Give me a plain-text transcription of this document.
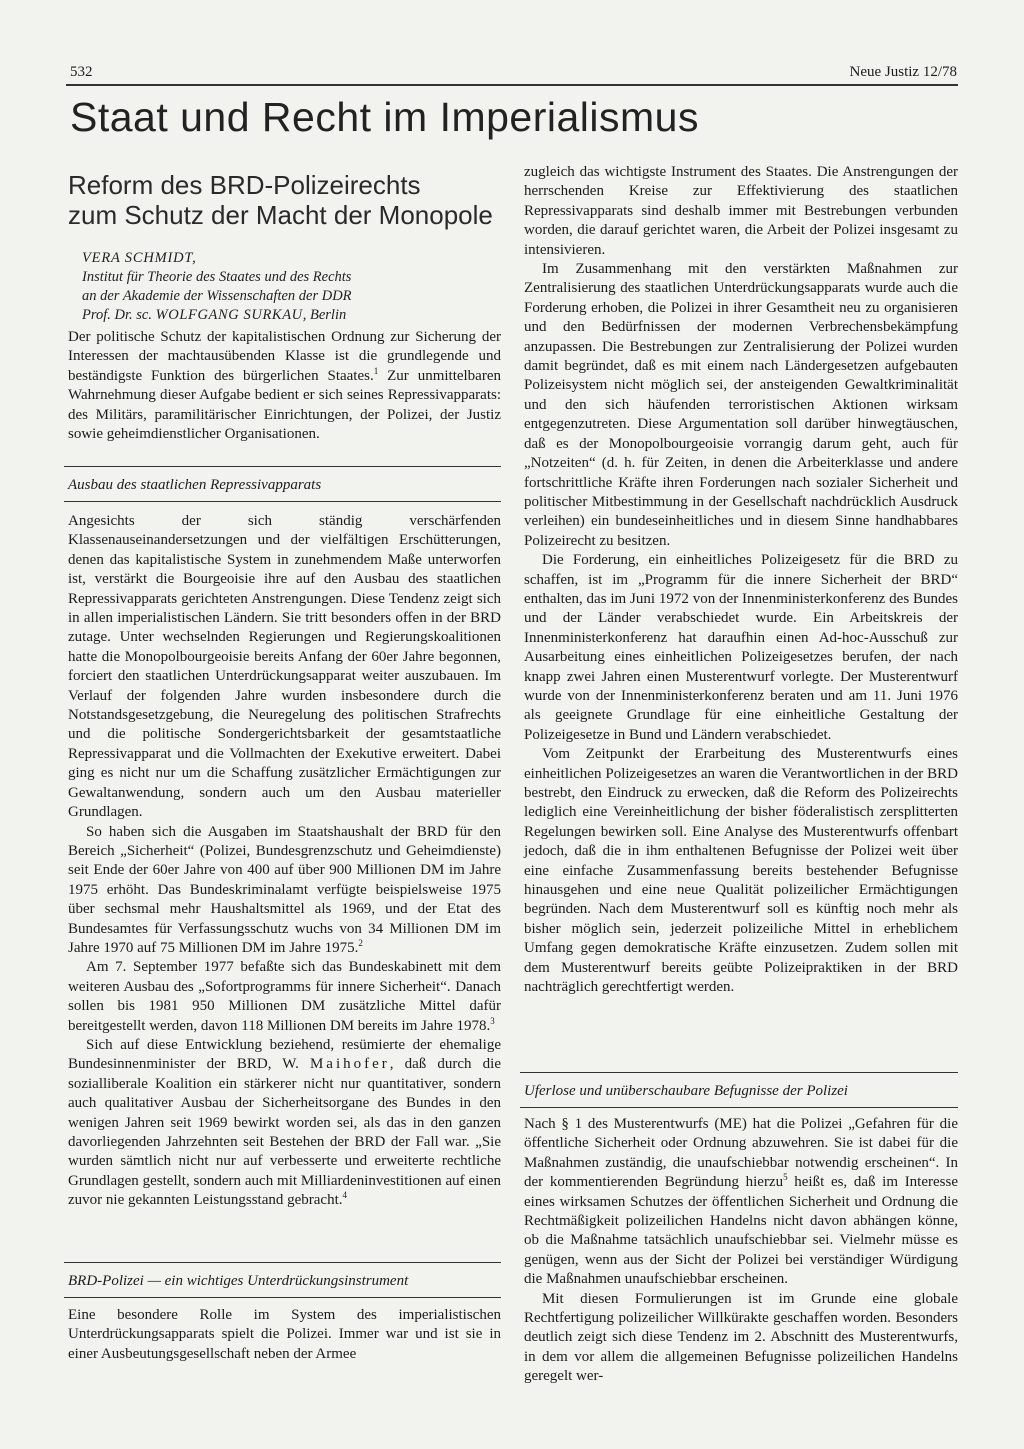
532	Neue Justiz 12/78
Staat und Recht im Imperialismus
Reform des BRD-Polizeirechts
zum Schutz der Macht der Monopole
VERA SCHMIDT,
Institut für Theorie des Staates und des Rechts
an der Akademie der Wissenschaften der DDR
Prof. Dr. sc. WOLFGANG SURKAU, Berlin

Der politische Schutz der kapitalistischen Ordnung zur Sicherung der Interessen der machtausübenden Klasse ist die grundlegende und beständigste Funktion des bürgerlichen Staates.$^1$ Zur unmittelbaren Wahrnehmung dieser Aufgabe bedient er sich seines Repressivapparats: des Militärs, paramilitärischer Einrichtungen, der Polizei, der Justiz sowie geheimdienstlicher Organisationen.

Ausbau des staatlichen Repressivapparats

Angesichts der sich ständig verschärfenden Klassenauseinandersetzungen und der vielfältigen Erschütterungen, denen das kapitalistische System in zunehmendem Maße unterworfen ist, verstärkt die Bourgeoisie ihre auf den Ausbau des staatlichen Repressivapparats gerichteten Anstrengungen. Diese Tendenz zeigt sich in allen imperialistischen Ländern. Sie tritt besonders offen in der BRD zutage. Unter wechselnden Regierungen und Regierungskoalitionen hatte die Monopolbourgeoisie bereits Anfang der 60er Jahre begonnen, forciert den staatlichen Unterdrückungsapparat weiter auszubauen. Im Verlauf der folgenden Jahre wurden insbesondere durch die Notstandsgesetzgebung, die Neuregelung des politischen Strafrechts und die politische Sondergerichtsbarkeit der gesamtstaatliche Repressivapparat und die Vollmachten der Exekutive erweitert. Dabei ging es nicht nur um die Schaffung zusätzlicher Ermächtigungen zur Gewaltanwendung, sondern auch um den Ausbau materieller Grundlagen.

So haben sich die Ausgaben im Staatshaushalt der BRD für den Bereich „Sicherheit“ (Polizei, Bundesgrenzschutz und Geheimdienste) seit Ende der 60er Jahre von 400 auf über 900 Millionen DM im Jahre 1975 erhöht. Das Bundeskriminalamt verfügte beispielsweise 1975 über sechsmal mehr Haushaltsmittel als 1969, und der Etat des Bundesamtes für Verfassungsschutz wuchs von 34 Millionen DM im Jahre 1970 auf 75 Millionen DM im Jahre 1975.$^2$

Am 7. September 1977 befaßte sich das Bundeskabinett mit dem weiteren Ausbau des „Sofortprogramms für innere Sicherheit“. Danach sollen bis 1981 950 Millionen DM zusätzliche Mittel dafür bereitgestellt werden, davon 118 Millionen DM bereits im Jahre 1978.$^3$

Sich auf diese Entwicklung beziehend, resümierte der ehemalige Bundesinnenminister der BRD, W. Maihofer, daß durch die sozialliberale Koalition ein stärkerer nicht nur quantitativer, sondern auch qualitativer Ausbau der Sicherheitsorgane des Bundes in den wenigen Jahren seit 1969 bewirkt worden sei, als das in den ganzen davorliegenden Jahrzehnten seit Bestehen der BRD der Fall war. „Sie wurden sämtlich nicht nur auf verbesserte und erweiterte rechtliche Grundlagen gestellt, sondern auch mit Milliardeninvestitionen auf einen zuvor nie gekannten Leistungsstand gebracht.$^4$

BRD-Polizei — ein wichtiges Unterdrückungsinstrument

Eine besondere Rolle im System des imperialistischen Unterdrückungsapparats spielt die Polizei. Immer war und ist sie in einer Ausbeutungsgesellschaft neben der Armee

zugleich das wichtigste Instrument des Staates. Die Anstrengungen der herrschenden Kreise zur Effektivierung des staatlichen Repressivapparats sind deshalb immer mit Bestrebungen verbunden worden, die darauf gerichtet waren, die Arbeit der Polizei insgesamt zu intensivieren.

Im Zusammenhang mit den verstärkten Maßnahmen zur Zentralisierung des staatlichen Unterdrückungsapparats wurde auch die Forderung erhoben, die Polizei in ihrer Gesamtheit neu zu organisieren und den Bedürfnissen der modernen Verbrechensbekämpfung anzupassen. Die Bestrebungen zur Zentralisierung der Polizei wurden damit begründet, daß es mit einem nach Ländergesetzen aufgebauten Polizeisystem nicht möglich sei, der ansteigenden Gewaltkriminalität und den sich häufenden terroristischen Aktionen wirksam entgegenzutreten. Diese Argumentation soll darüber hinwegtäuschen, daß es der Monopolbourgeoisie vorrangig darum geht, auch für „Notzeiten“ (d. h. für Zeiten, in denen die Arbeiterklasse und andere fortschrittliche Kräfte ihren Forderungen nach sozialer Sicherheit und politischer Mitbestimmung in der Gesellschaft nachdrücklich Ausdruck verleihen) ein bundeseinheitliches und in diesem Sinne handhabbares Polizeirecht zu besitzen.

Die Forderung, ein einheitliches Polizeigesetz für die BRD zu schaffen, ist im „Programm für die innere Sicherheit der BRD“ enthalten, das im Juni 1972 von der Innenministerkonferenz des Bundes und der Länder verabschiedet wurde. Ein Arbeitskreis der Innenministerkonferenz hat daraufhin einen Ad-hoc-Ausschuß zur Ausarbeitung eines einheitlichen Polizeigesetzes berufen, der nach knapp zwei Jahren einen Musterentwurf vorlegte. Der Musterentwurf wurde von der Innenministerkonferenz beraten und am 11. Juni 1976 als geeignete Grundlage für eine einheitliche Gestaltung der Polizeigesetze in Bund und Ländern verabschiedet.

Vom Zeitpunkt der Erarbeitung des Musterentwurfs eines einheitlichen Polizeigesetzes an waren die Verantwortlichen in der BRD bestrebt, den Eindruck zu erwecken, daß die Reform des Polizeirechts lediglich eine Vereinheitlichung der bisher föderalistisch zersplitterten Regelungen bewirken soll. Eine Analyse des Musterentwurfs offenbart jedoch, daß die in ihm enthaltenen Befugnisse der Polizei weit über eine einfache Zusammenfassung bereits bestehender Befugnisse hinausgehen und eine neue Qualität polizeilicher Ermächtigungen begründen. Nach dem Musterentwurf soll es künftig noch mehr als bisher möglich sein, jederzeit polizeiliche Mittel in erheblichem Umfang gegen demokratische Kräfte einzusetzen. Zudem sollen mit dem Musterentwurf bereits geübte Polizeipraktiken in der BRD nachträglich gerechtfertigt werden.

Uferlose und unüberschaubare Befugnisse der Polizei

Nach § 1 des Musterentwurfs (ME) hat die Polizei „Gefahren für die öffentliche Sicherheit oder Ordnung abzuwehren. Sie ist dabei für die Maßnahmen zuständig, die unaufschiebbar notwendig erscheinen“. In der kommentierenden Begründung hierzu$^5$ heißt es, daß im Interesse eines wirksamen Schutzes der öffentlichen Sicherheit und Ordnung die Rechtmäßigkeit polizeilichen Handelns nicht davon abhängen könne, ob die Maßnahme tatsächlich unaufschiebbar sei. Vielmehr müsse es genügen, wenn aus der Sicht der Polizei bei verständiger Würdigung die Maßnahmen unaufschiebbar erscheinen.

Mit diesen Formulierungen ist im Grunde eine globale Rechtfertigung polizeilicher Willkürakte geschaffen worden. Besonders deutlich zeigt sich diese Tendenz im 2. Abschnitt des Musterentwurfs, in dem vor allem die allgemeinen Befugnisse polizeilichen Handelns geregelt wer-
